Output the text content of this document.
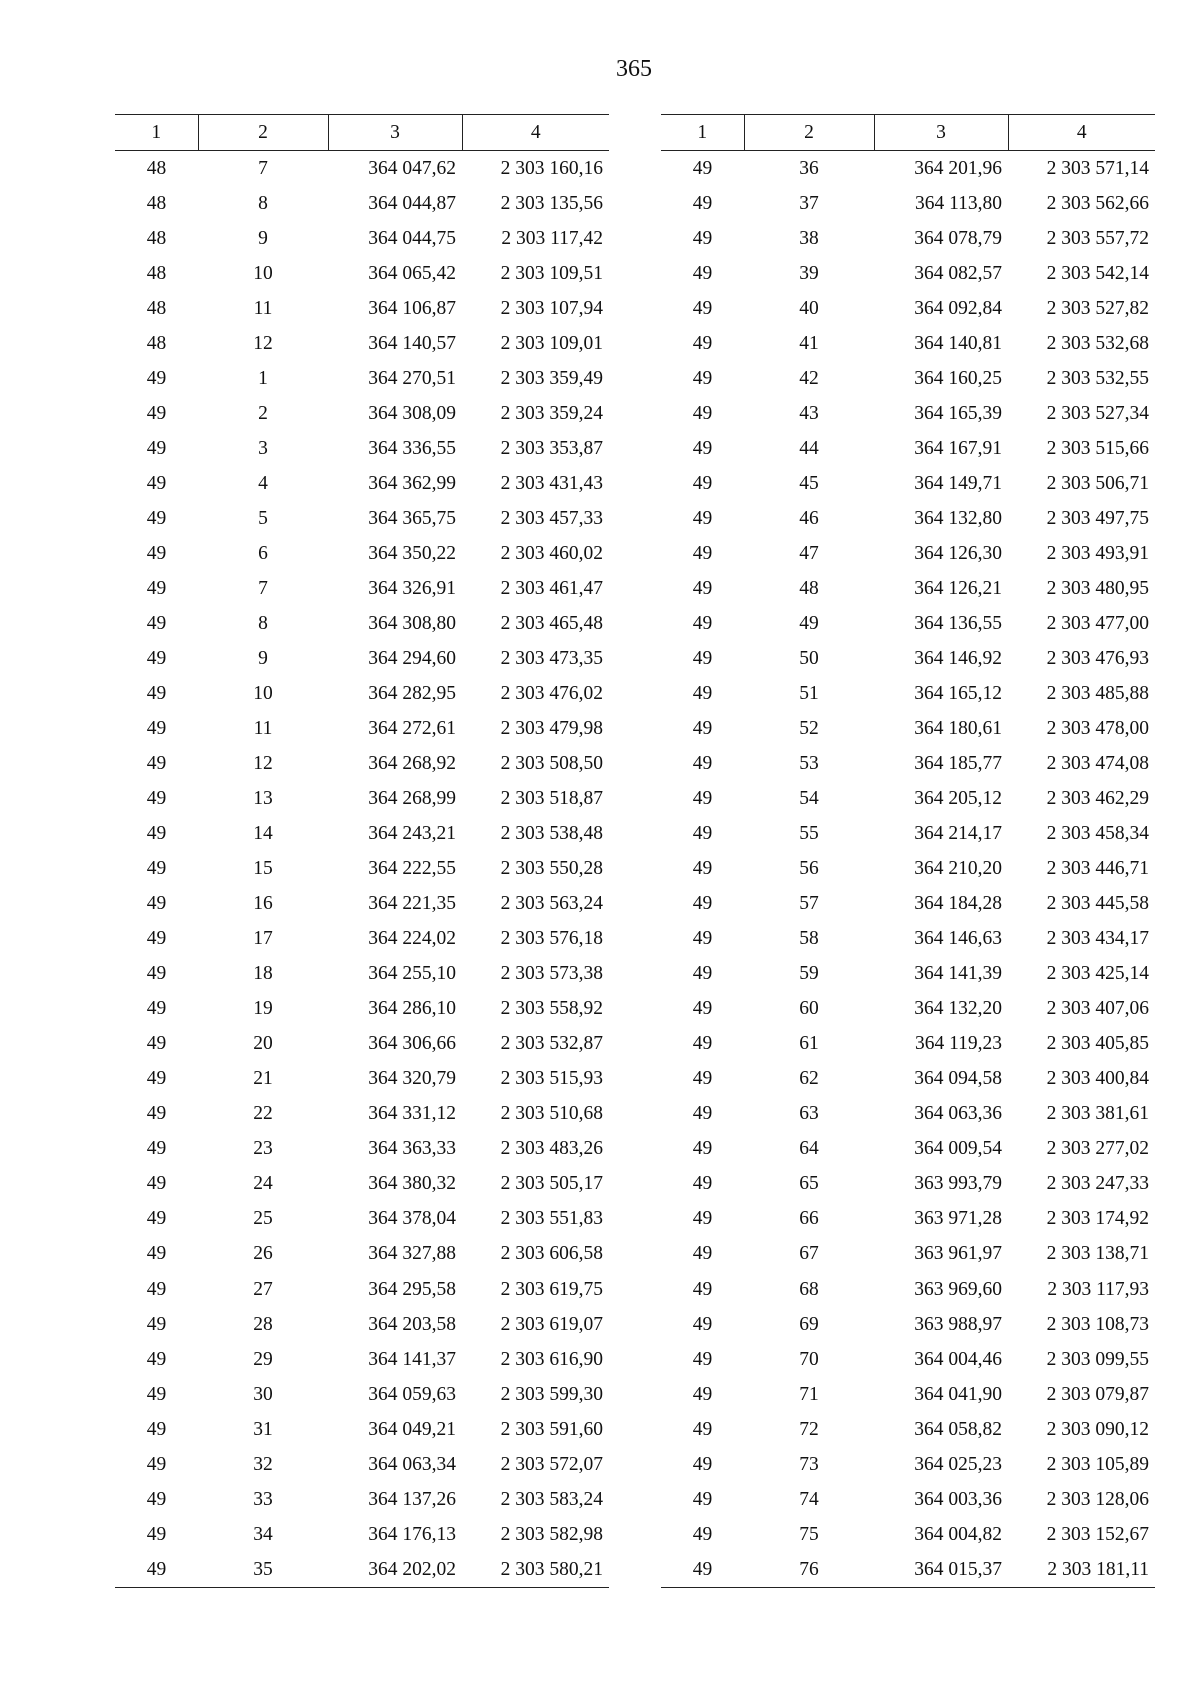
365
1	2	3	4
48	7	364 047,62	2 303 160,16
48	8	364 044,87	2 303 135,56
48	9	364 044,75	2 303 117,42
48	10	364 065,42	2 303 109,51
48	11	364 106,87	2 303 107,94
48	12	364 140,57	2 303 109,01
49	1	364 270,51	2 303 359,49
49	2	364 308,09	2 303 359,24
49	3	364 336,55	2 303 353,87
49	4	364 362,99	2 303 431,43
49	5	364 365,75	2 303 457,33
49	6	364 350,22	2 303 460,02
49	7	364 326,91	2 303 461,47
49	8	364 308,80	2 303 465,48
49	9	364 294,60	2 303 473,35
49	10	364 282,95	2 303 476,02
49	11	364 272,61	2 303 479,98
49	12	364 268,92	2 303 508,50
49	13	364 268,99	2 303 518,87
49	14	364 243,21	2 303 538,48
49	15	364 222,55	2 303 550,28
49	16	364 221,35	2 303 563,24
49	17	364 224,02	2 303 576,18
49	18	364 255,10	2 303 573,38
49	19	364 286,10	2 303 558,92
49	20	364 306,66	2 303 532,87
49	21	364 320,79	2 303 515,93
49	22	364 331,12	2 303 510,68
49	23	364 363,33	2 303 483,26
49	24	364 380,32	2 303 505,17
49	25	364 378,04	2 303 551,83
49	26	364 327,88	2 303 606,58
49	27	364 295,58	2 303 619,75
49	28	364 203,58	2 303 619,07
49	29	364 141,37	2 303 616,90
49	30	364 059,63	2 303 599,30
49	31	364 049,21	2 303 591,60
49	32	364 063,34	2 303 572,07
49	33	364 137,26	2 303 583,24
49	34	364 176,13	2 303 582,98
49	35	364 202,02	2 303 580,21
1	2	3	4
49	36	364 201,96	2 303 571,14
49	37	364 113,80	2 303 562,66
49	38	364 078,79	2 303 557,72
49	39	364 082,57	2 303 542,14
49	40	364 092,84	2 303 527,82
49	41	364 140,81	2 303 532,68
49	42	364 160,25	2 303 532,55
49	43	364 165,39	2 303 527,34
49	44	364 167,91	2 303 515,66
49	45	364 149,71	2 303 506,71
49	46	364 132,80	2 303 497,75
49	47	364 126,30	2 303 493,91
49	48	364 126,21	2 303 480,95
49	49	364 136,55	2 303 477,00
49	50	364 146,92	2 303 476,93
49	51	364 165,12	2 303 485,88
49	52	364 180,61	2 303 478,00
49	53	364 185,77	2 303 474,08
49	54	364 205,12	2 303 462,29
49	55	364 214,17	2 303 458,34
49	56	364 210,20	2 303 446,71
49	57	364 184,28	2 303 445,58
49	58	364 146,63	2 303 434,17
49	59	364 141,39	2 303 425,14
49	60	364 132,20	2 303 407,06
49	61	364 119,23	2 303 405,85
49	62	364 094,58	2 303 400,84
49	63	364 063,36	2 303 381,61
49	64	364 009,54	2 303 277,02
49	65	363 993,79	2 303 247,33
49	66	363 971,28	2 303 174,92
49	67	363 961,97	2 303 138,71
49	68	363 969,60	2 303 117,93
49	69	363 988,97	2 303 108,73
49	70	364 004,46	2 303 099,55
49	71	364 041,90	2 303 079,87
49	72	364 058,82	2 303 090,12
49	73	364 025,23	2 303 105,89
49	74	364 003,36	2 303 128,06
49	75	364 004,82	2 303 152,67
49	76	364 015,37	2 303 181,11
